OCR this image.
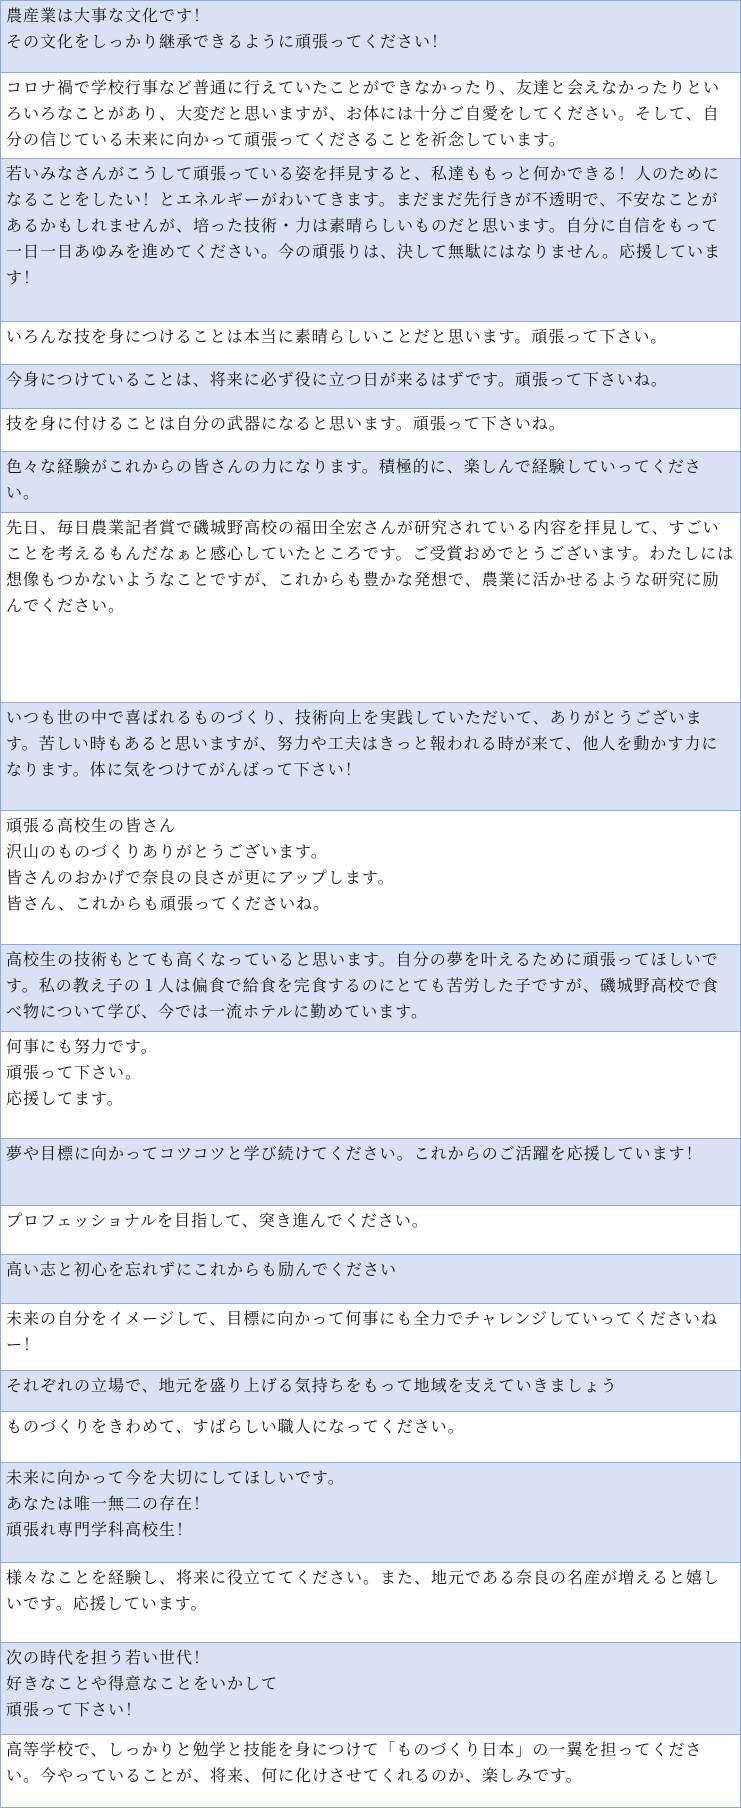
農産業は大事な文化です！
その文化をしっかり継承できるように頑張ってください！
コロナ禍で学校行事など普通に行えていたことができなかったり、友達と会えなかったりといろいろなことがあり、大変だと思いますが、お体には十分ご自愛をしてください。そして、自分の信じている未来に向かって頑張ってくださることを祈念しています。
若いみなさんがこうして頑張っている姿を拝見すると、私達ももっと何かできる！人のためになることをしたい！とエネルギーがわいてきます。まだまだ先行きが不透明で、不安なことがあるかもしれませんが、培った技術・力は素晴らしいものだと思います。自分に自信をもって一日一日あゆみを進めてください。今の頑張りは、決して無駄にはなりません。応援しています！
いろんな技を身につけることは本当に素晴らしいことだと思います。頑張って下さい。
今身につけていることは、将来に必ず役に立つ日が来るはずです。頑張って下さいね。
技を身に付けることは自分の武器になると思います。頑張って下さいね。
色々な経験がこれからの皆さんの力になります。積極的に、楽しんで経験していってください。
先日、毎日農業記者賞で磯城野高校の福田全宏さんが研究されている内容を拝見して、すごいことを考えるもんだなぁと感心していたところです。ご受賞おめでとうございます。わたしには想像もつかないようなことですが、これからも豊かな発想で、農業に活かせるような研究に励んでください。
いつも世の中で喜ばれるものづくり、技術向上を実践していただいて、ありがとうございます。苦しい時もあると思いますが、努力や工夫はきっと報われる時が来て、他人を動かす力になります。体に気をつけてがんばって下さい！
頑張る高校生の皆さん
沢山のものづくりありがとうございます。
皆さんのおかげで奈良の良さが更にアップします。
皆さん、これからも頑張ってくださいね。
高校生の技術もとても高くなっていると思います。自分の夢を叶えるために頑張ってほしいです。私の教え子の１人は偏食で給食を完食するのにとても苦労した子ですが、磯城野高校で食べ物について学び、今では一流ホテルに勤めています。
何事にも努力です。
頑張って下さい。
応援してます。
夢や目標に向かってコツコツと学び続けてください。これからのご活躍を応援しています！
プロフェッショナルを目指して、突き進んでください。
高い志と初心を忘れずにこれからも励んでください
未来の自分をイメージして、目標に向かって何事にも全力でチャレンジしていってくださいねー！
それぞれの立場で、地元を盛り上げる気持ちをもって地域を支えていきましょう
ものづくりをきわめて、すばらしい職人になってください。
未来に向かって今を大切にしてほしいです。
あなたは唯一無二の存在！
頑張れ専門学科高校生！
様々なことを経験し、将来に役立ててください。また、地元である奈良の名産が増えると嬉しいです。応援しています。
次の時代を担う若い世代！
好きなことや得意なことをいかして
頑張って下さい！
高等学校で、しっかりと勉学と技能を身につけて「ものづくり日本」の一翼を担ってください。今やっていることが、将来、何に化けさせてくれるのか、楽しみです。
